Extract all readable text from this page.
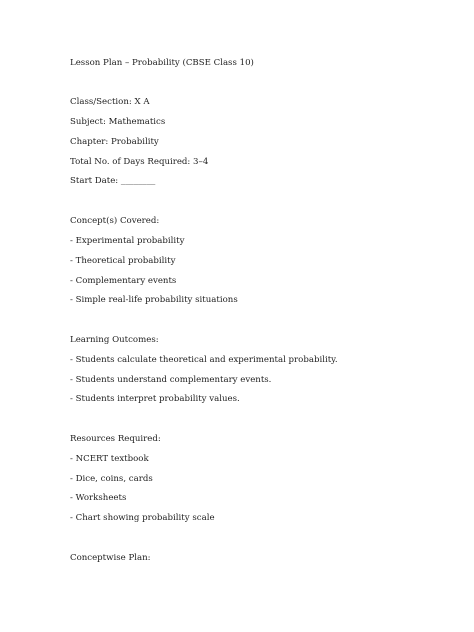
Lesson Plan – Probability (CBSE Class 10)

Class/Section: X A

Subject: Mathematics

Chapter: Probability

Total No. of Days Required: 3–4

Start Date: ________

Concept(s) Covered:

- Experimental probability

- Theoretical probability

- Complementary events

- Simple real-life probability situations

Learning Outcomes:

- Students calculate theoretical and experimental probability.

- Students understand complementary events.

- Students interpret probability values.

Resources Required:

- NCERT textbook

- Dice, coins, cards

- Worksheets

- Chart showing probability scale

Conceptwise Plan:
